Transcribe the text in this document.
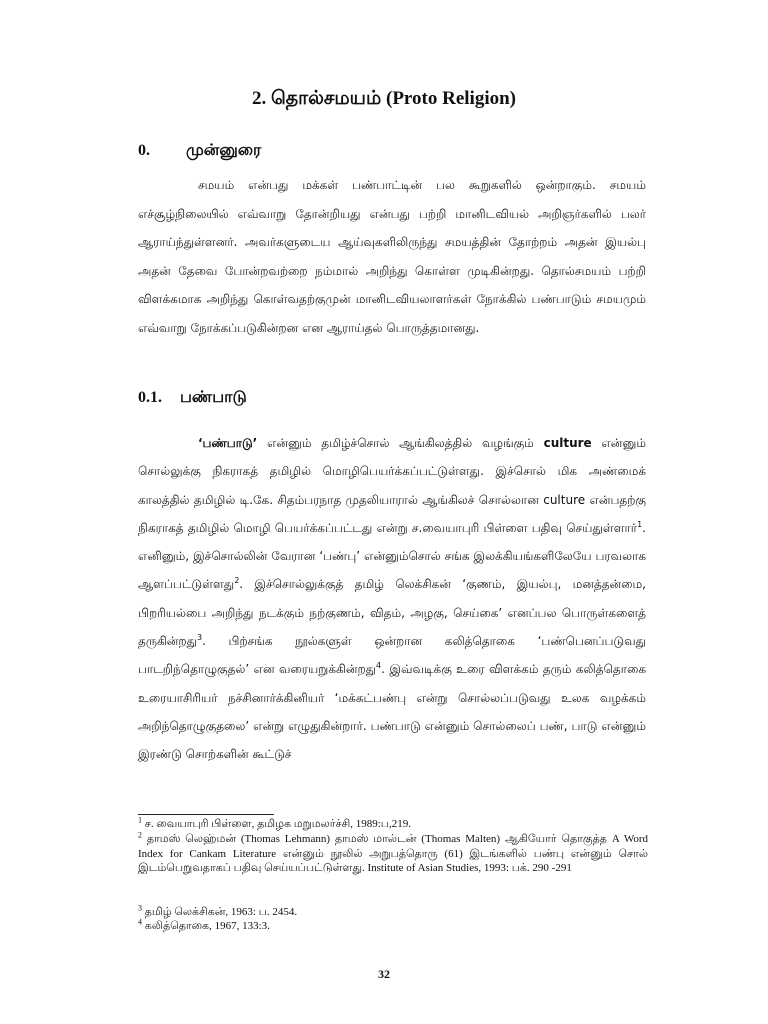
2. தொல்சமயம் (Proto Religion)
0. முன்னுரை

சமயம் என்பது மக்கள் பண்பாட்டின் பல கூறுகளில் ஒன்றாகும். சமயம் எச்சூழ்நிலையில் எவ்வாறு தோன்றியது என்பது பற்றி மானிடவியல் அறிஞர்களில் பலர் ஆராய்ந்துள்ளனர். அவர்களுடைய ஆய்வுகளிலிருந்து சமயத்தின் தோற்றம் அதன் இயல்பு அதன் தேவை போன்றவற்றை நம்மால் அறிந்து கொள்ள முடிகின்றது. தொல்சமயம் பற்றி விளக்கமாக அறிந்து கொள்வதற்குமுன் மானிடவியலாளர்கள் நோக்கில் பண்பாடும் சமயமும் எவ்வாறு நோக்கப்படுகின்றன என ஆராய்தல் பொருத்தமானது.

0.1. பண்பாடு

‘பண்பாடு’ என்னும் தமிழ்ச்சொல் ஆங்கிலத்தில் வழங்கும் culture என்னும் சொல்லுக்கு நிகராகத் தமிழில் மொழிபெயர்க்கப்பட்டுள்ளது. இச்சொல் மிக அண்மைக் காலத்தில் தமிழில் டி.கே. சிதம்பரநாத முதலியாரால் ஆங்கிலச் சொல்லான culture என்பதற்கு நிகராகத் தமிழில் மொழி பெயர்க்கப்பட்டது என்று ச.வையாபுரி பிள்ளை பதிவு செய்துள்ளார்$^1$. எனினும், இச்சொல்லின் வேரான ‘பண்பு’ என்னும்சொல் சங்க இலக்கியங்களிலேயே பரவலாக ஆளப்பட்டுள்ளது$^2$. இச்சொல்லுக்குத் தமிழ் லெக்சிகன் ‘குணம், இயல்பு, மனத்தன்மை, பிறரியல்பை அறிந்து நடக்கும் நற்குணம், விதம், அழகு, செய்கை’ எனப்பல பொருள்களைத் தருகின்றது$^3$. பிற்சங்க நூல்களுள் ஒன்றான கலித்தொகை ‘பண்பெனப்படுவது பாடறிந்தொழுகுதல்’ என வரையறுக்கின்றது$^4$. இவ்வடிக்கு உரை விளக்கம் தரும் கலித்தொகை உரையாசிரியர் நச்சினார்க்கினியர் ‘மக்கட்பண்பு என்று சொல்லப்படுவது உலக வழக்கம் அறிந்தொழுகுதலை’ என்று எழுதுகின்றார். பண்பாடு என்னும் சொல்லைப் பண், பாடு என்னும் இரண்டு சொற்களின் கூட்டுச்

$^1$ ச. வையாபுரி பிள்ளை, தமிழக மறுமலர்ச்சி, 1989:ப,219.

$^2$ தாமஸ் லெஹ்மன் (Thomas Lehmann) தாமஸ் மால்டன் (Thomas Malten) ஆகியோர் தொகுத்த A Word Index for Cankam Literature என்னும் நூலில் அறுபத்தொரு (61) இடங்களில் பண்பு என்னும் சொல் இடம்பெறுவதாகப் பதிவு செய்யப்பட்டுள்ளது. Institute of Asian Studies, 1993: பக். 290 -291

$^3$ தமிழ் லெக்சிகன், 1963: ப. 2454.

$^4$ கலித்தொகை, 1967, 133:3.

32
